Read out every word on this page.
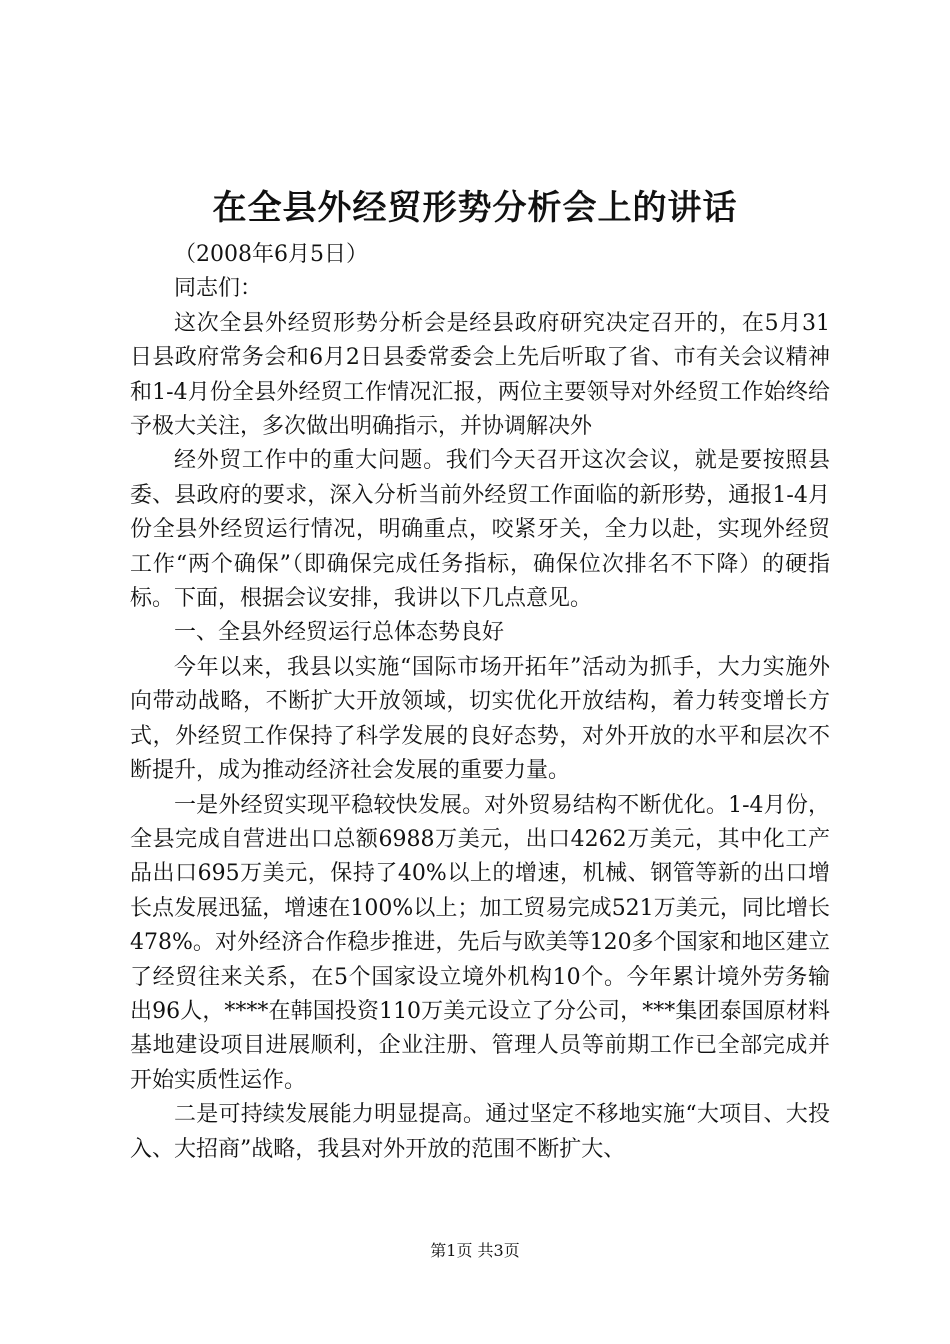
在全县外经贸形势分析会上的讲话

（2008年6月5日）

同志们：

这次全县外经贸形势分析会是经县政府研究决定召开的，在5月31日县政府常务会和6月2日县委常委会上先后听取了省、市有关会议精神和1-4月份全县外经贸工作情况汇报，两位主要领导对外经贸工作始终给予极大关注，多次做出明确指示，并协调解决外

经外贸工作中的重大问题。我们今天召开这次会议，就是要按照县委、县政府的要求，深入分析当前外经贸工作面临的新形势，通报1-4月份全县外经贸运行情况，明确重点，咬紧牙关，全力以赴，实现外经贸工作“两个确保”（即确保完成任务指标，确保位次排名不下降）的硬指标。下面，根据会议安排，我讲以下几点意见。

一、全县外经贸运行总体态势良好

今年以来，我县以实施“国际市场开拓年”活动为抓手，大力实施外向带动战略，不断扩大开放领域，切实优化开放结构，着力转变增长方式，外经贸工作保持了科学发展的良好态势，对外开放的水平和层次不断提升，成为推动经济社会发展的重要力量。

一是外经贸实现平稳较快发展。对外贸易结构不断优化。1-4月份，全县完成自营进出口总额6988万美元，出口4262万美元，其中化工产品出口695万美元，保持了40%以上的增速，机械、钢管等新的出口增长点发展迅猛，增速在100%以上；加工贸易完成521万美元，同比增长478%。对外经济合作稳步推进，先后与欧美等120多个国家和地区建立了经贸往来关系，在5个国家设立境外机构10个。今年累计境外劳务输出96人，****在韩国投资110万美元设立了分公司，***集团泰国原材料基地建设项目进展顺利，企业注册、管理人员等前期工作已全部完成并开始实质性运作。

二是可持续发展能力明显提高。通过坚定不移地实施“大项目、大投入、大招商”战略，我县对外开放的范围不断扩大、

第1页 共3页
